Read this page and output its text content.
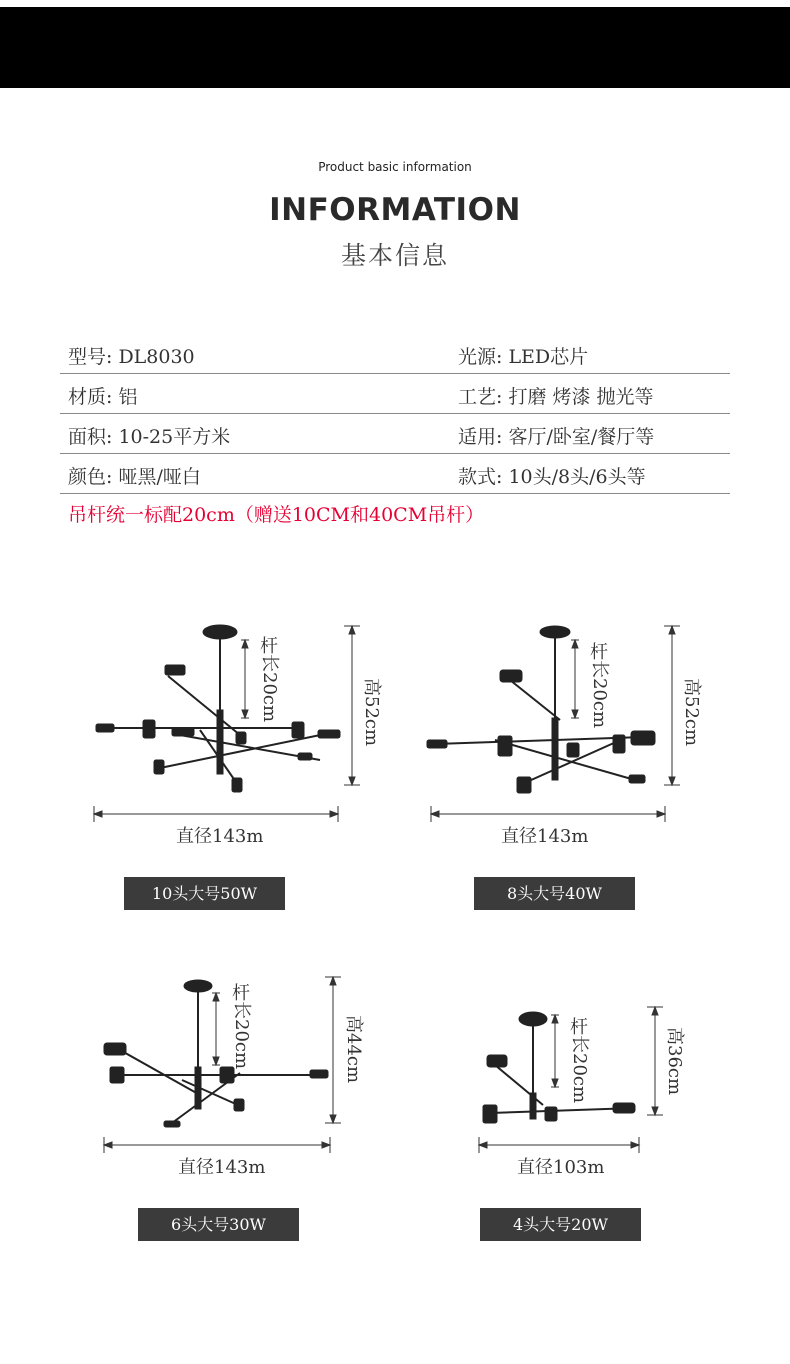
Product basic information
INFORMATION
基本信息
型号: DL8030	光源: LED芯片
材质: 铝	工艺: 打磨 烤漆 抛光等
面积: 10-25平方米	适用: 客厅/卧室/餐厅等
颜色: 哑黑/哑白	款式: 10头/8头/6头等
吊杆统一标配20cm（赠送10CM和40CM吊杆）
杆
长20cm	高52cm
直径143m
10头大号50W
杆
长20cm	高52cm
直径143m
8头大号40W
杆
长20cm	高44cm
直径143m
6头大号30W
杆
长20cm	高36cm
直径103m
4头大号20W
